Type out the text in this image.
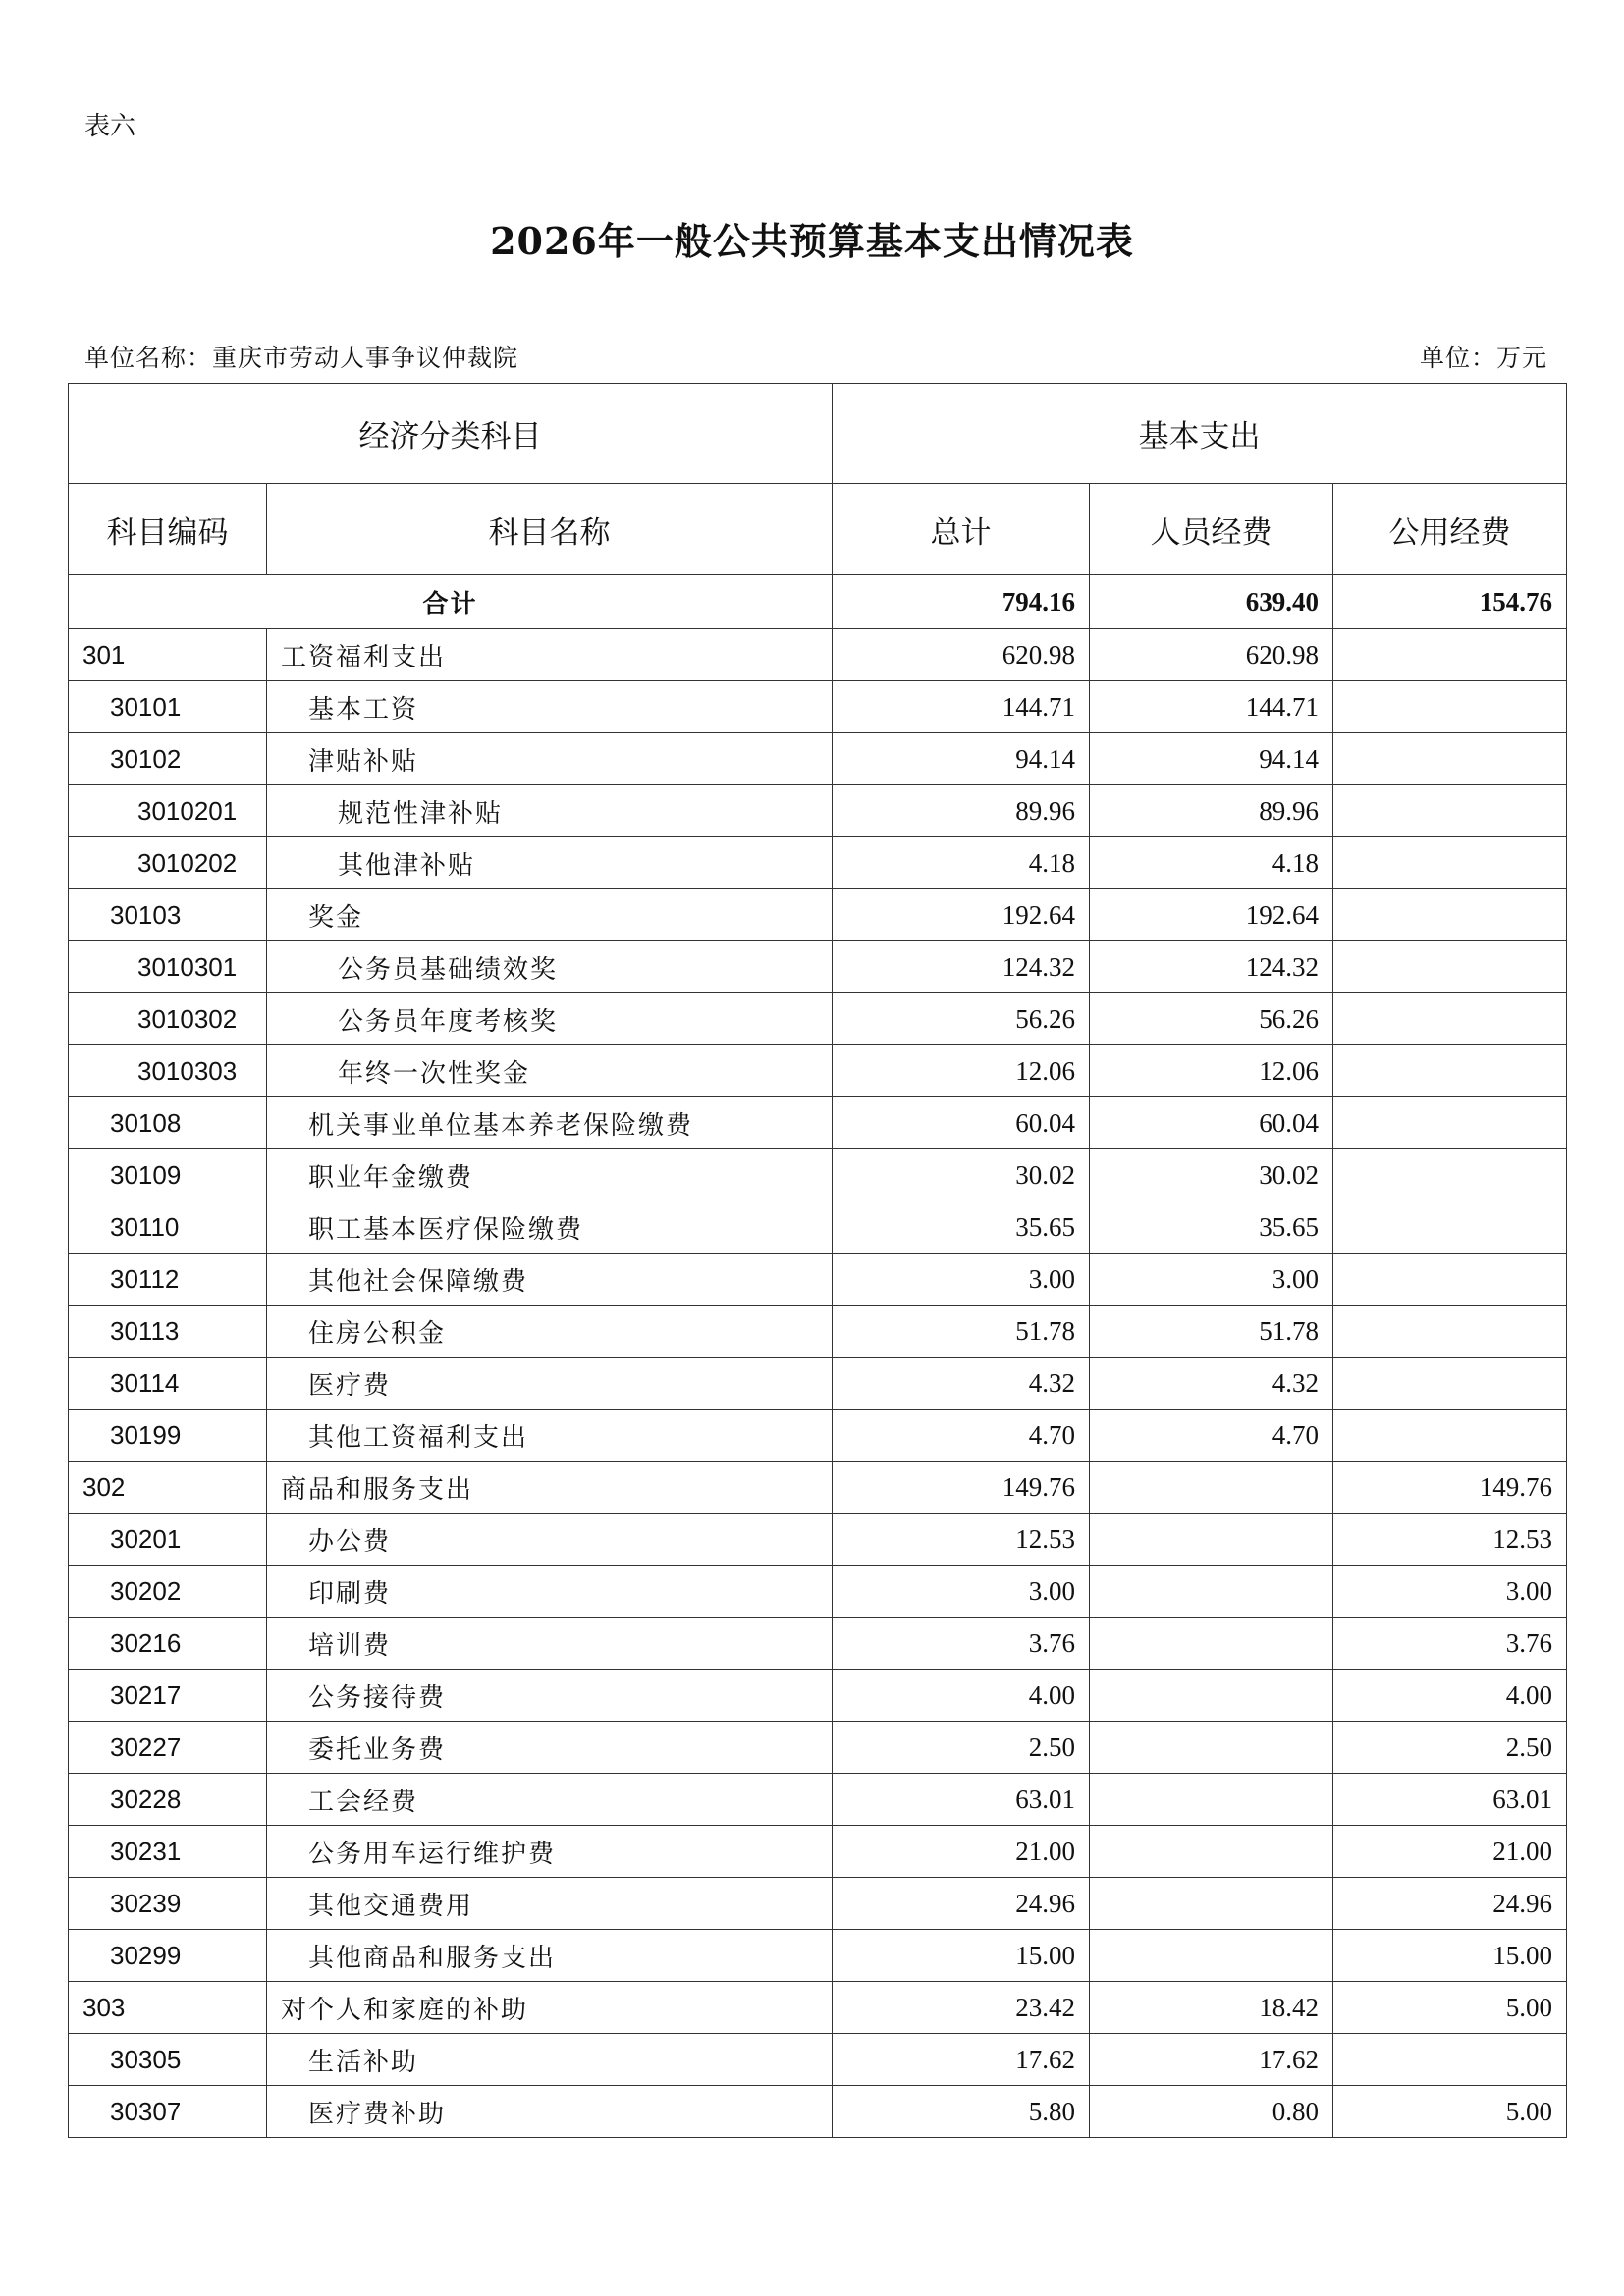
表六
2026年一般公共预算基本支出情况表
单位名称：重庆市劳动人事争议仲裁院	单位：万元
经济分类科目		基本支出		
科目编码	科目名称	总计	人员经费	公用经费
合计		794.16	639.40	154.76
301	工资福利支出	620.98	620.98	
30101	基本工资	144.71	144.71	
30102	津贴补贴	94.14	94.14	
3010201	规范性津补贴	89.96	89.96	
3010202	其他津补贴	4.18	4.18	
30103	奖金	192.64	192.64	
3010301	公务员基础绩效奖	124.32	124.32	
3010302	公务员年度考核奖	56.26	56.26	
3010303	年终一次性奖金	12.06	12.06	
30108	机关事业单位基本养老保险缴费	60.04	60.04	
30109	职业年金缴费	30.02	30.02	
30110	职工基本医疗保险缴费	35.65	35.65	
30112	其他社会保障缴费	3.00	3.00	
30113	住房公积金	51.78	51.78	
30114	医疗费	4.32	4.32	
30199	其他工资福利支出	4.70	4.70	
302	商品和服务支出	149.76		149.76
30201	办公费	12.53		12.53
30202	印刷费	3.00		3.00
30216	培训费	3.76		3.76
30217	公务接待费	4.00		4.00
30227	委托业务费	2.50		2.50
30228	工会经费	63.01		63.01
30231	公务用车运行维护费	21.00		21.00
30239	其他交通费用	24.96		24.96
30299	其他商品和服务支出	15.00		15.00
303	对个人和家庭的补助	23.42	18.42	5.00
30305	生活补助	17.62	17.62	
30307	医疗费补助	5.80	0.80	5.00
